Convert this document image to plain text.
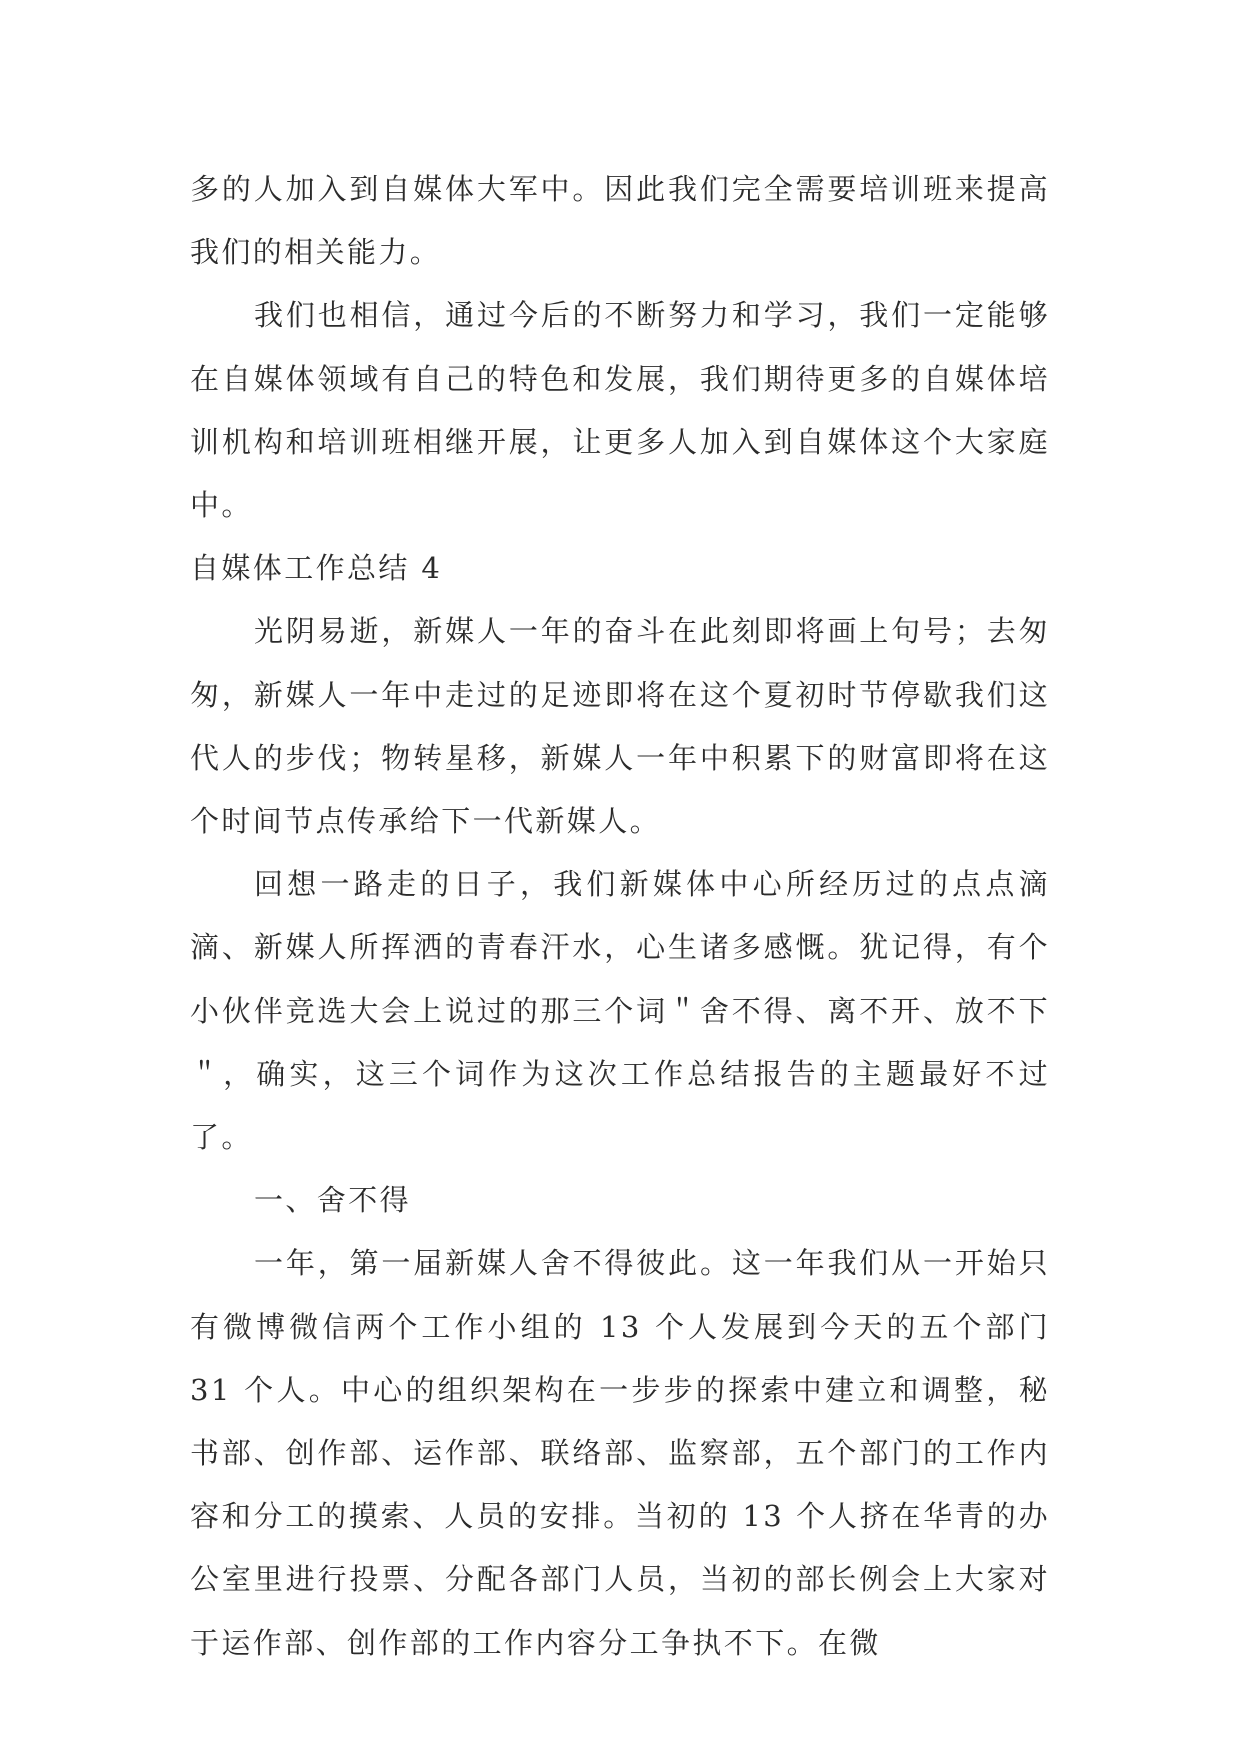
多的人加入到自媒体大军中。因此我们完全需要培训班来提高我们的相关能力。

我们也相信，通过今后的不断努力和学习，我们一定能够在自媒体领域有自己的特色和发展，我们期待更多的自媒体培训机构和培训班相继开展，让更多人加入到自媒体这个大家庭中。

自媒体工作总结 4

光阴易逝，新媒人一年的奋斗在此刻即将画上句号；去匆匆，新媒人一年中走过的足迹即将在这个夏初时节停歇我们这代人的步伐；物转星移，新媒人一年中积累下的财富即将在这个时间节点传承给下一代新媒人。

回想一路走的日子，我们新媒体中心所经历过的点点滴滴、新媒人所挥洒的青春汗水，心生诸多感慨。犹记得，有个小伙伴竞选大会上说过的那三个词＂舍不得、离不开、放不下＂，确实，这三个词作为这次工作总结报告的主题最好不过了。

一、舍不得

一年，第一届新媒人舍不得彼此。这一年我们从一开始只有微博微信两个工作小组的 13 个人发展到今天的五个部门 31 个人。中心的组织架构在一步步的探索中建立和调整，秘书部、创作部、运作部、联络部、监察部，五个部门的工作内容和分工的摸索、人员的安排。当初的 13 个人挤在华青的办公室里进行投票、分配各部门人员，当初的部长例会上大家对于运作部、创作部的工作内容分工争执不下。在微
